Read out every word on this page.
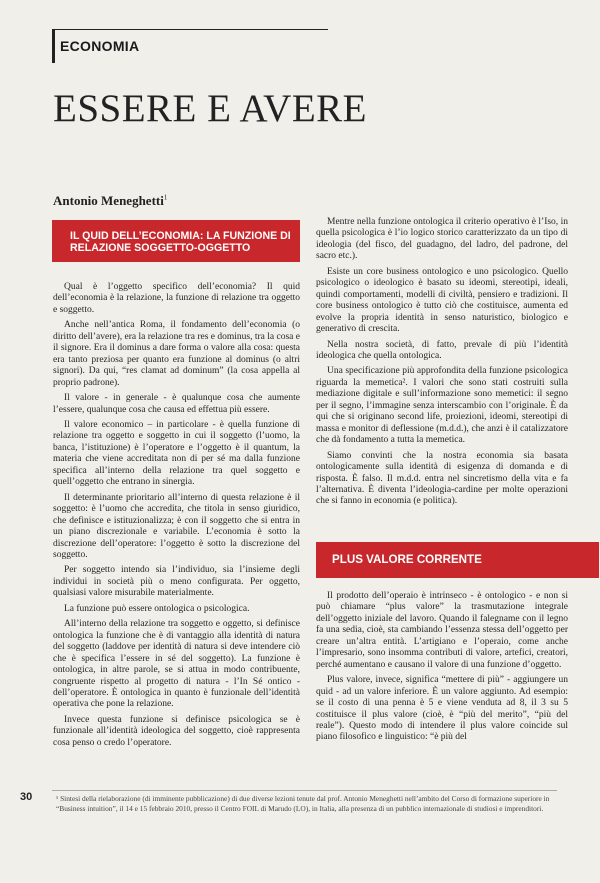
ECONOMIA
ESSERE E AVERE
Antonio Meneghetti$^1$
IL QUID DELL’ECONOMIA: LA FUNZIONE DI RELAZIONE SOGGETTO-OGGETTO

Qual è l’oggetto specifico dell’economia? Il quid dell’economia è la relazione, la funzione di relazione tra oggetto e soggetto.

Anche nell’antica Roma, il fondamento dell’economia (o diritto dell’avere), era la relazione tra res e dominus, tra la cosa e il signore. Era il dominus a dare forma o valore alla cosa: questa era tanto preziosa per quanto era funzione al dominus (o altri signori). Da qui, “res clamat ad dominum” (la cosa appella al proprio padrone).

Il valore - in generale - è qualunque cosa che aumente l’essere, qualunque cosa che causa ed effettua più essere.

Il valore economico – in particolare - è quella funzione di relazione tra oggetto e soggetto in cui il soggetto (l’uomo, la banca, l’istituzione) è l’operatore e l’oggetto è il quantum, la materia che viene accreditata non di per sé ma dalla funzione specifica all’interno della relazione tra quel soggetto e quell’oggetto che entrano in sinergia.

Il determinante prioritario all’interno di questa relazione è il soggetto: è l’uomo che accredita, che titola in senso giuridico, che definisce e istituzionalizza; è con il soggetto che si entra in un piano discrezionale e variabile. L’economia è sotto la discrezione dell’operatore: l’oggetto è sotto la discrezione del soggetto.

Per soggetto intendo sia l’individuo, sia l’insieme degli individui in società più o meno configurata. Per oggetto, qualsiasi valore misurabile materialmente.

La funzione può essere ontologica o psicologica.

All’interno della relazione tra soggetto e oggetto, si definisce ontologica la funzione che è di vantaggio alla identità di natura del soggetto (laddove per identità di natura si deve intendere ciò che è specifica l’essere in sé del soggetto). La funzione è ontologica, in altre parole, se si attua in modo contribuente, congruente rispetto al progetto di natura - l’In Sé ontico - dell’operatore. È ontologica in quanto è funzionale dell’identità operativa che pone la relazione.

Invece questa funzione si definisce psicologica se è funzionale all’identità ideologica del soggetto, cioè rappresenta cosa penso o credo l’operatore.

Mentre nella funzione ontologica il criterio operativo è l’Iso, in quella psicologica è l’io logico storico caratterizzato da un tipo di ideologia (del fisco, del guadagno, del ladro, del padrone, del sacro etc.).

Esiste un core business ontologico e uno psicologico. Quello psicologico o ideologico è basato su ideomi, stereotipi, ideali, quindi comportamenti, modelli di civiltà, pensiero e tradizioni. Il core business ontologico è tutto ciò che costituisce, aumenta ed evolve la propria identità in senso naturistico, biologico e generativo di crescita.

Nella nostra società, di fatto, prevale di più l’identità ideologica che quella ontologica.

Una specificazione più approfondita della funzione psicologica riguarda la memetica². I valori che sono stati costruiti sulla mediazione digitale e sull’informazione sono memetici: il segno per il segno, l’immagine senza interscambio con l’originale. È da qui che si originano second life, proiezioni, ideomi, stereotipi di massa e monitor di deflessione (m.d.d.), che anzi è il catalizzatore che dà fondamento a tutta la memetica.

Siamo convinti che la nostra economia sia basata ontologicamente sulla identità di esigenza di domanda e di risposta. È falso. Il m.d.d. entra nel sincretismo della vita e fa l’alternativa. È diventa l’ideologia-cardine per molte operazioni che si fanno in economia (e politica).

PLUS VALORE CORRENTE

Il prodotto dell’operaio è intrinseco - è ontologico - e non si può chiamare “plus valore” la trasmutazione integrale dell’oggetto iniziale del lavoro. Quando il falegname con il legno fa una sedia, cioè, sta cambiando l’essenza stessa dell’oggetto per creare un’altra entità. L’artigiano e l’operaio, come anche l’impresario, sono insomma contributi di valore, artefici, creatori, perché aumentano e causano il valore di una funzione d’oggetto.

Plus valore, invece, significa “mettere di più” - aggiungere un quid - ad un valore inferiore. È un valore aggiunto. Ad esempio: se il costo di una penna è 5 e viene venduta ad 8, il 3 su 5 costituisce il plus valore (cioè, è “più del merito”, “più del reale”). Questo modo di intendere il plus valore coincide sul piano filosofico e linguistico: “è più del

30	¹ Sintesi della rielaborazione (di imminente pubblicazione) di due diverse lezioni tenute dal prof. Antonio Meneghetti nell’ambito del Corso di formazione superiore in “Business intuition”, il 14 e 15 febbraio 2010, presso il Centro FOIL di Marudo (LO), in Italia, alla presenza di un pubblico internazionale di studiosi e imprenditori.
